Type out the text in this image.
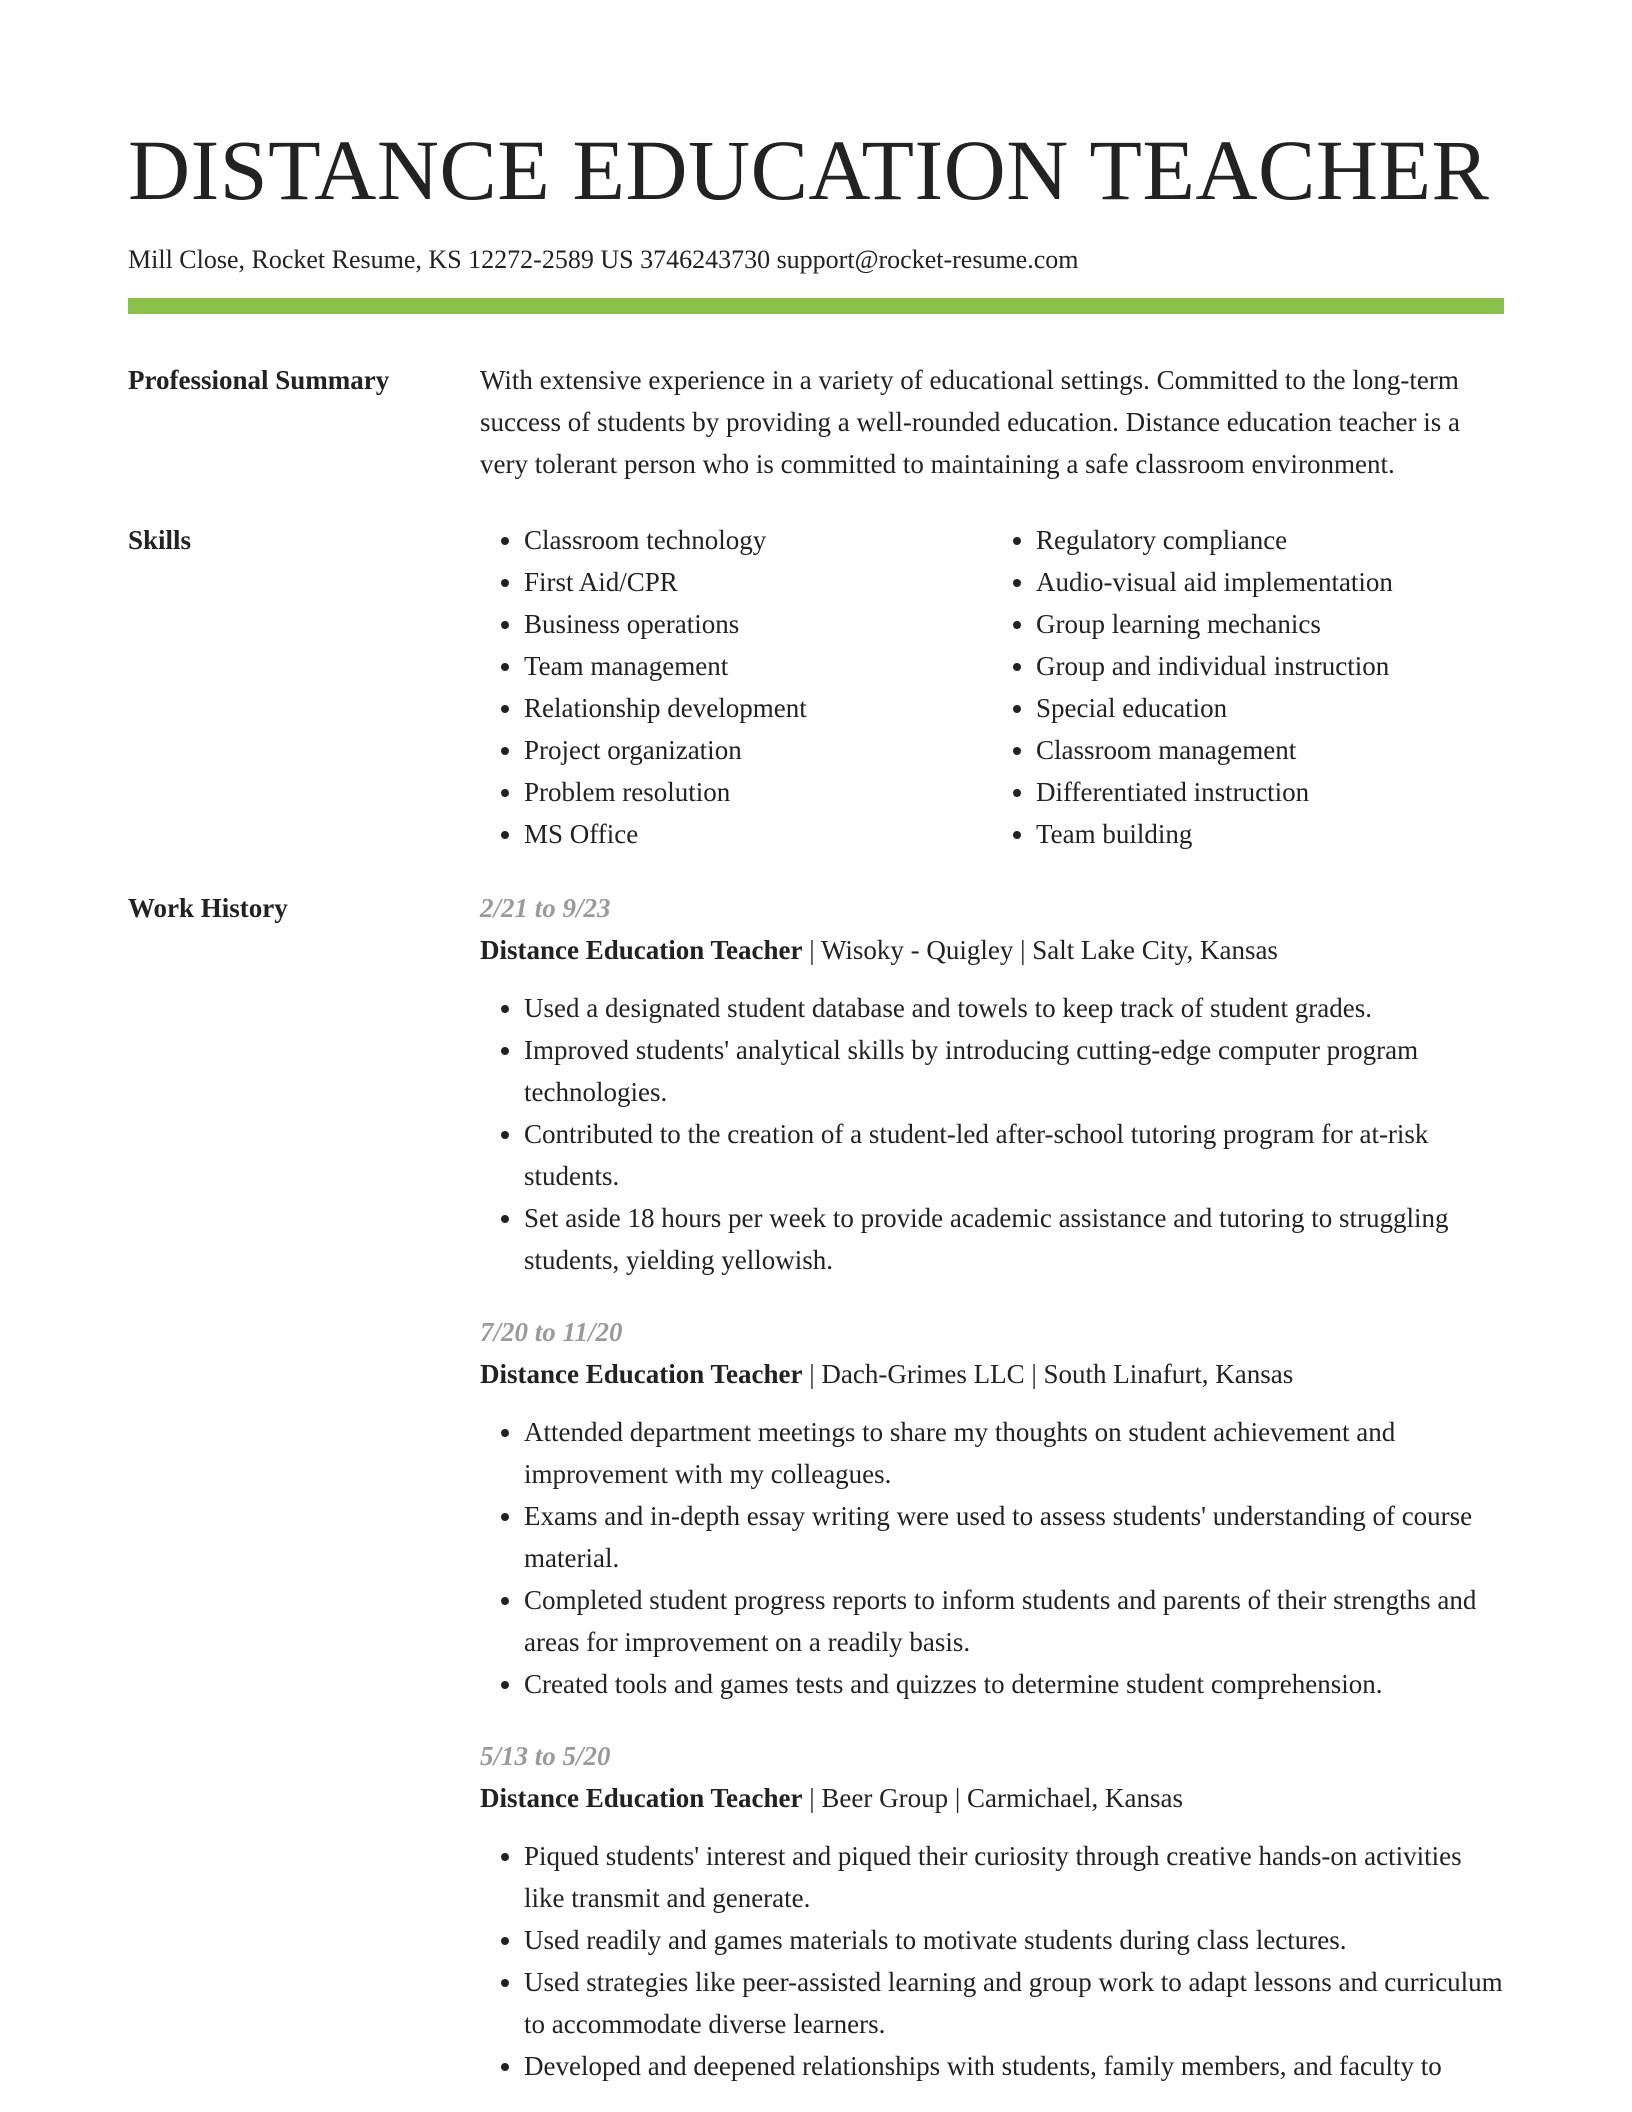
DISTANCE EDUCATION TEACHER
Mill Close, Rocket Resume, KS 12272-2589 US 3746243730 support@rocket-resume.com
Professional Summary	With extensive experience in a variety of educational settings. Committed to the long-term success of students by providing a well-rounded education. Distance education teacher is a very tolerant person who is committed to maintaining a safe classroom environment.

Skills
•	Classroom technology
• First Aid/CPR
• Business operations
• Team management
• Relationship development
• Project organization
• Problem resolution
• MS Office
• Regulatory compliance
• Audio-visual aid implementation
• Group learning mechanics
• Group and individual instruction
• Special education
• Classroom management
• Differentiated instruction
• Team building
Work History	2/21 to 9/23
Distance Education Teacher | Wisoky - Quigley | Salt Lake City, Kansas
• Used a designated student database and towels to keep track of student grades.
• Improved students' analytical skills by introducing cutting-edge computer program technologies.
• Contributed to the creation of a student-led after-school tutoring program for at-risk students.
• Set aside 18 hours per week to provide academic assistance and tutoring to struggling students, yielding yellowish.
7/20 to 11/20
Distance Education Teacher | Dach-Grimes LLC | South Linafurt, Kansas
• Attended department meetings to share my thoughts on student achievement and improvement with my colleagues.
• Exams and in-depth essay writing were used to assess students' understanding of course material.
• Completed student progress reports to inform students and parents of their strengths and areas for improvement on a readily basis.
• Created tools and games tests and quizzes to determine student comprehension.
5/13 to 5/20
Distance Education Teacher | Beer Group | Carmichael, Kansas
• Piqued students' interest and piqued their curiosity through creative hands-on activities like transmit and generate.
• Used readily and games materials to motivate students during class lectures.
• Used strategies like peer-assisted learning and group work to adapt lessons and curriculum to accommodate diverse learners.
• Developed and deepened relationships with students, family members, and faculty to
